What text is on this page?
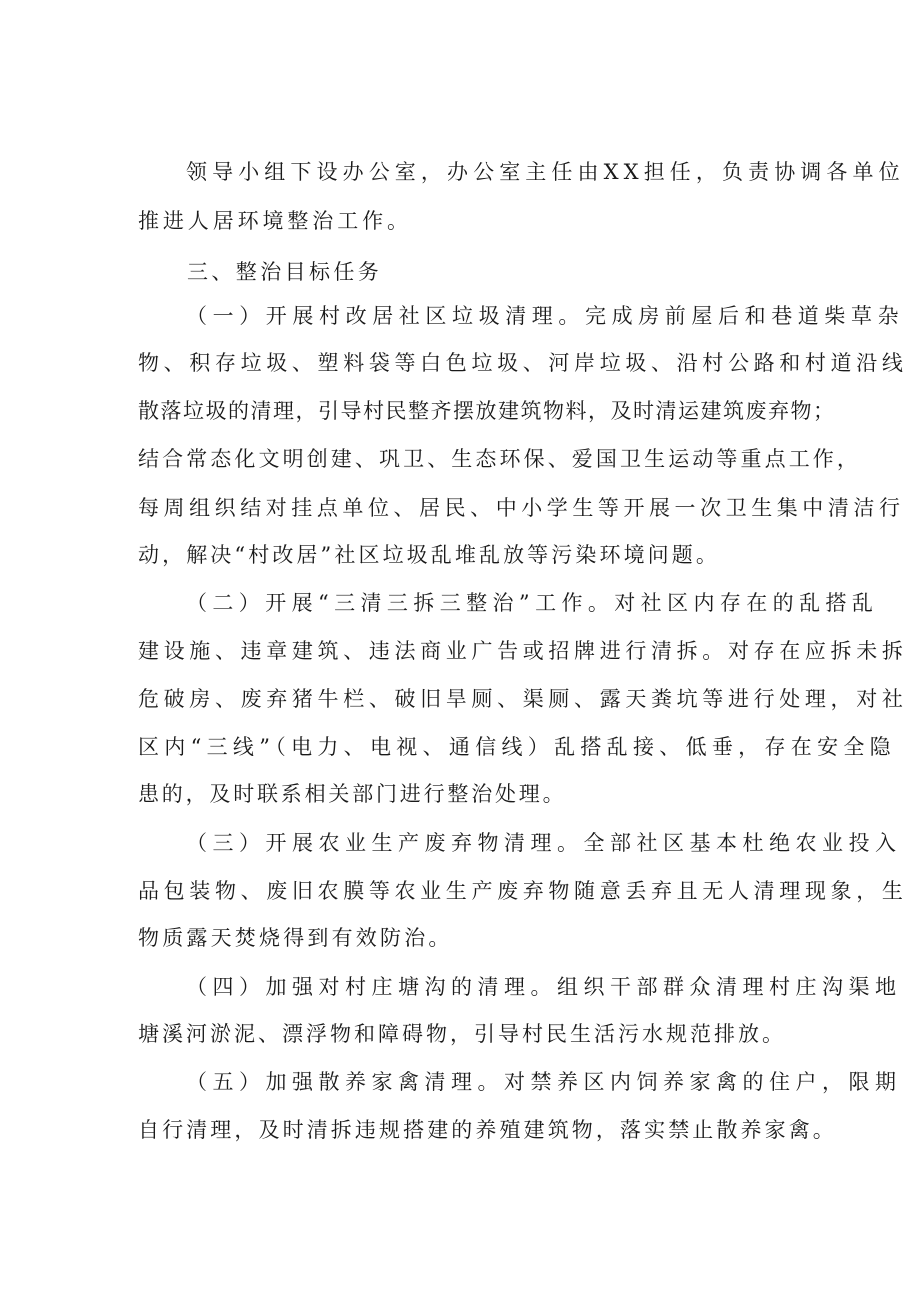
领导小组下设办公室，办公室主任由XX担任，负责协调各单位
推进人居环境整治工作。
三、整治目标任务
（一）开展村改居社区垃圾清理。完成房前屋后和巷道柴草杂
物、积存垃圾、塑料袋等白色垃圾、河岸垃圾、沿村公路和村道沿线
散落垃圾的清理，引导村民整齐摆放建筑物料，及时清运建筑废弃物；
结合常态化文明创建、巩卫、生态环保、爱国卫生运动等重点工作，
每周组织结对挂点单位、居民、中小学生等开展一次卫生集中清洁行
动，解决“村改居”社区垃圾乱堆乱放等污染环境问题。
（二）开展“三清三拆三整治”工作。对社区内存在的乱搭乱
建设施、违章建筑、违法商业广告或招牌进行清拆。对存在应拆未拆
危破房、废弃猪牛栏、破旧旱厕、渠厕、露天粪坑等进行处理，对社
区内“三线”（电力、电视、通信线）乱搭乱接、低垂，存在安全隐
患的，及时联系相关部门进行整治处理。
（三）开展农业生产废弃物清理。全部社区基本杜绝农业投入
品包装物、废旧农膜等农业生产废弃物随意丢弃且无人清理现象，生
物质露天焚烧得到有效防治。
（四）加强对村庄塘沟的清理。组织干部群众清理村庄沟渠地
塘溪河淤泥、漂浮物和障碍物，引导村民生活污水规范排放。
（五）加强散养家禽清理。对禁养区内饲养家禽的住户，限期
自行清理，及时清拆违规搭建的养殖建筑物，落实禁止散养家禽。
